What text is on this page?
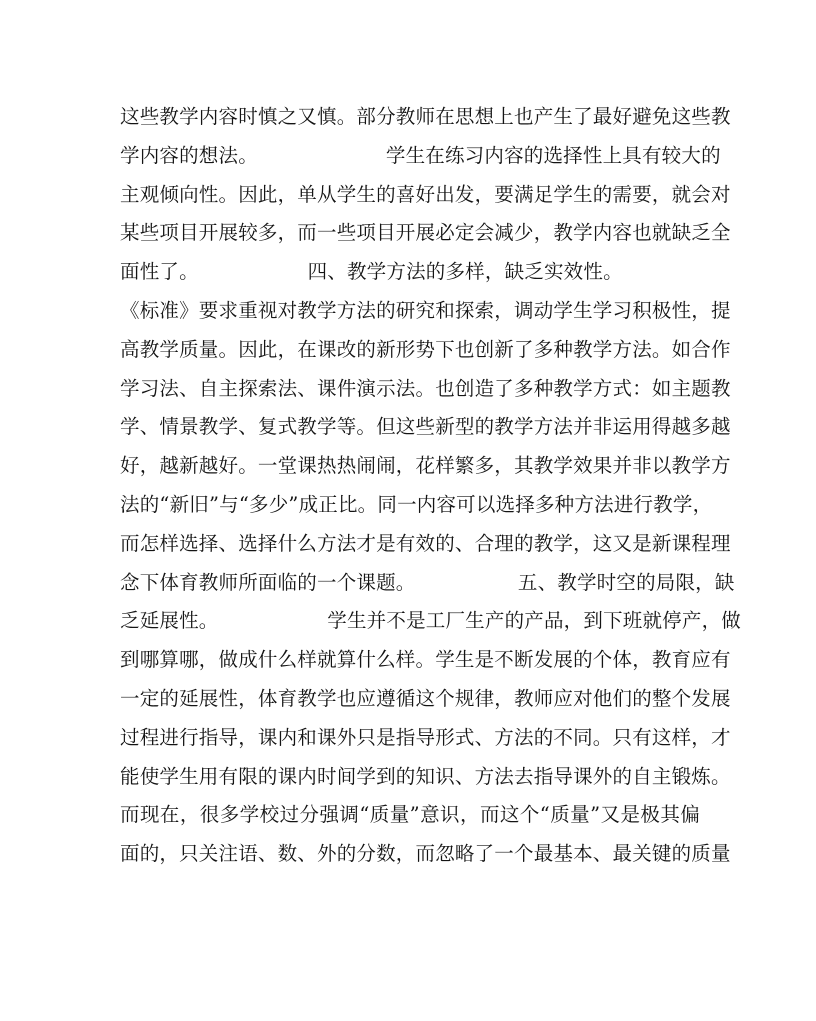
这些教学内容时慎之又慎。部分教师在思想上也产生了最好避免这些教
学内容的想法。                    学生在练习内容的选择性上具有较大的
主观倾向性。因此，单从学生的喜好出发，要满足学生的需要，就会对
某些项目开展较多，而一些项目开展必定会减少，教学内容也就缺乏全
面性了。                 四、教学方法的多样，缺乏实效性。
《标准》要求重视对教学方法的研究和探索，调动学生学习积极性，提
高教学质量。因此，在课改的新形势下也创新了多种教学方法。如合作
学习法、自主探索法、课件演示法。也创造了多种教学方式：如主题教
学、情景教学、复式教学等。但这些新型的教学方法并非运用得越多越
好，越新越好。一堂课热热闹闹，花样繁多，其教学效果并非以教学方
法的“新旧”与“多少”成正比。同一内容可以选择多种方法进行教学，
而怎样选择、选择什么方法才是有效的、合理的教学，这又是新课程理
念下体育教师所面临的一个课题。                五、教学时空的局限，缺
乏延展性。                 学生并不是工厂生产的产品，到下班就停产，做
到哪算哪，做成什么样就算什么样。学生是不断发展的个体，教育应有
一定的延展性，体育教学也应遵循这个规律，教师应对他们的整个发展
过程进行指导，课内和课外只是指导形式、方法的不同。只有这样，才
能使学生用有限的课内时间学到的知识、方法去指导课外的自主锻炼。
而现在，很多学校过分强调“质量”意识，而这个“质量”又是极其偏
面的，只关注语、数、外的分数，而忽略了一个最基本、最关键的质量
